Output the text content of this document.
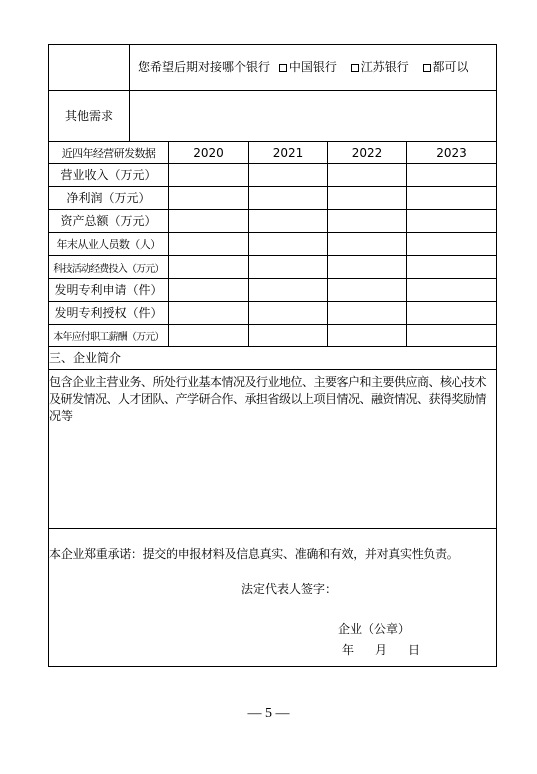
您希望后期对接哪个银行 中国银行 江苏银行 都可以
其他需求
近四年经营研发数据	2020	2021	2022	2023
营业收入（万元）
净利润（万元）
资产总额（万元）
年末从业人员数（人）
科技活动经费投入（万元）
发明专利申请（件）
发明专利授权（件）
本年应付职工薪酬（万元）
三、企业简介
包含企业主营业务、所处行业基本情况及行业地位、主要客户和主要供应商、核心技术
及研发情况、人才团队、产学研合作、承担省级以上项目情况、融资情况、获得奖励情
况等
本企业郑重承诺：提交的申报材料及信息真实、准确和有效，并对真实性负责。
法定代表人签字：
企业（公章）
年 月 日
— 5 —
